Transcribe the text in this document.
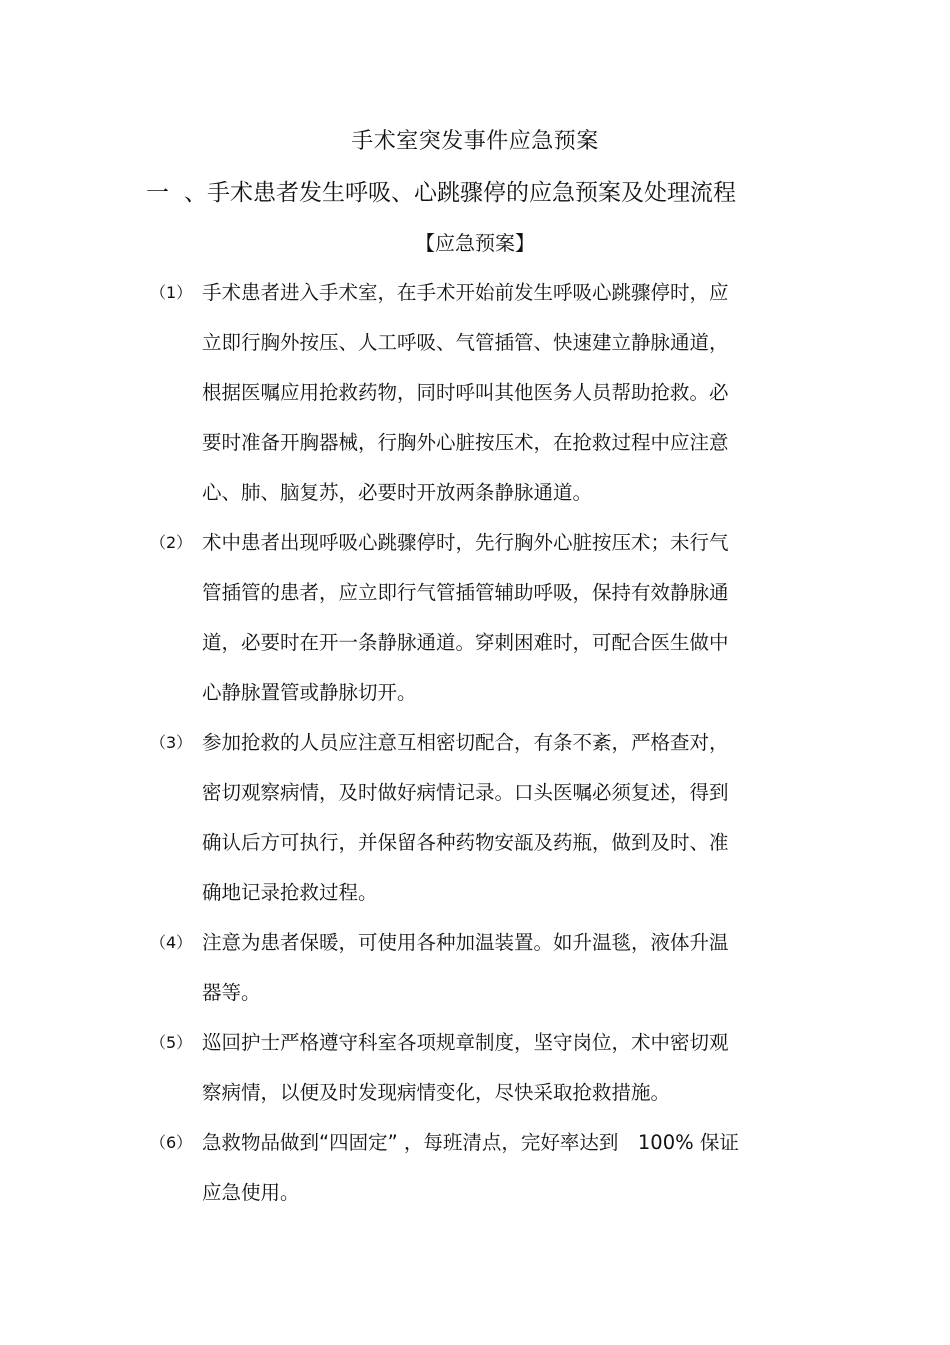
手术室突发事件应急预案
一 、手术患者发生呼吸、心跳骤停的应急预案及处理流程
【应急预案】
（1） 手术患者进入手术室，在手术开始前发生呼吸心跳骤停时，应
立即行胸外按压、人工呼吸、气管插管、快速建立静脉通道，
根据医嘱应用抢救药物，同时呼叫其他医务人员帮助抢救。必
要时准备开胸器械，行胸外心脏按压术，在抢救过程中应注意
心、肺、脑复苏，必要时开放两条静脉通道。
（2） 术中患者出现呼吸心跳骤停时，先行胸外心脏按压术；未行气
管插管的患者，应立即行气管插管辅助呼吸，保持有效静脉通
道，必要时在开一条静脉通道。穿刺困难时，可配合医生做中
心静脉置管或静脉切开。
（3） 参加抢救的人员应注意互相密切配合，有条不紊，严格查对，
密切观察病情，及时做好病情记录。口头医嘱必须复述，得到
确认后方可执行，并保留各种药物安瓿及药瓶，做到及时、准
确地记录抢救过程。
（4） 注意为患者保暖，可使用各种加温装置。如升温毯，液体升温
器等。
（5） 巡回护士严格遵守科室各项规章制度，坚守岗位，术中密切观
察病情，以便及时发现病情变化，尽快采取抢救措施。
（6） 急救物品做到“四固定” ，每班清点，完好率达到　100% 保证
应急使用。
